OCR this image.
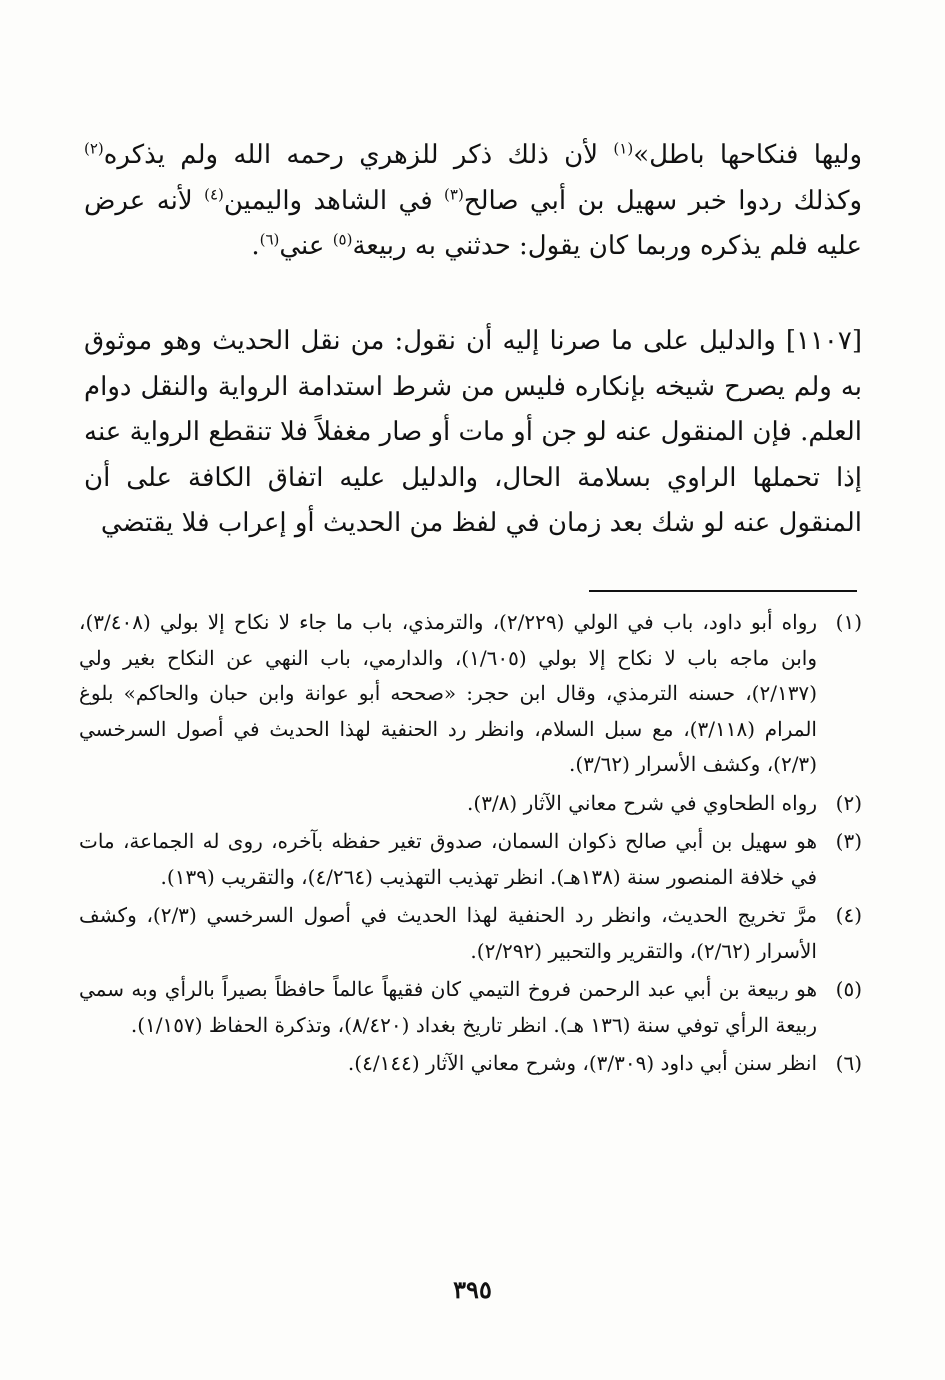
وليها فنكاحها باطل»$^{(١)}$ لأن ذلك ذكر للزهري رحمه الله ولم يذكره$^{(٢)}$ وكذلك ردوا خبر سهيل بن أبي صالح$^{(٣)}$ في الشاهد واليمين$^{(٤)}$ لأنه عرض عليه فلم يذكره وربما كان يقول: حدثني به ربيعة$^{(٥)}$ عني$^{(٦)}$.

[١١٠٧] والدليل على ما صرنا إليه أن نقول: من نقل الحديث وهو موثوق به ولم يصرح شيخه بإنكاره فليس من شرط استدامة الرواية والنقل دوام العلم. فإن المنقول عنه لو جن أو مات أو صار مغفلاً فلا تنقطع الرواية عنه إذا تحملها الراوي بسلامة الحال، والدليل عليه اتفاق الكافة على أن المنقول عنه لو شك بعد زمان في لفظ من الحديث أو إعراب فلا يقتضي

(١)
رواه أبو داود، باب في الولي (٢/٢٢٩)، والترمذي، باب ما جاء لا نكاح إلا بولي (٣/٤٠٨)، وابن ماجه باب لا نكاح إلا بولي (١/٦٠٥)، والدارمي، باب النهي عن النكاح بغير ولي (٢/١٣٧)، حسنه الترمذي، وقال ابن حجر: «صححه أبو عوانة وابن حبان والحاكم» بلوغ المرام (٣/١١٨)، مع سبل السلام، وانظر رد الحنفية لهذا الحديث في أصول السرخسي (٢/٣)، وكشف الأسرار (٣/٦٢).
(٢)
رواه الطحاوي في شرح معاني الآثار (٣/٨).
(٣)
هو سهيل بن أبي صالح ذكوان السمان، صدوق تغير حفظه بآخره، روى له الجماعة، مات في خلافة المنصور سنة (١٣٨هـ). انظر تهذيب التهذيب (٤/٢٦٤)، والتقريب (١٣٩).
(٤)
مرَّ تخريج الحديث، وانظر رد الحنفية لهذا الحديث في أصول السرخسي (٢/٣)، وكشف الأسرار (٢/٦٢)، والتقرير والتحبير (٢/٢٩٢).
(٥)
هو ربيعة بن أبي عبد الرحمن فروخ التيمي كان فقيهاً عالماً حافظاً بصيراً بالرأي وبه سمي ربيعة الرأي توفي سنة (١٣٦ هـ). انظر تاريخ بغداد (٨/٤٢٠)، وتذكرة الحفاظ (١/١٥٧).
(٦)
انظر سنن أبي داود (٣/٣٠٩)، وشرح معاني الآثار (٤/١٤٤).
٣٩٥
